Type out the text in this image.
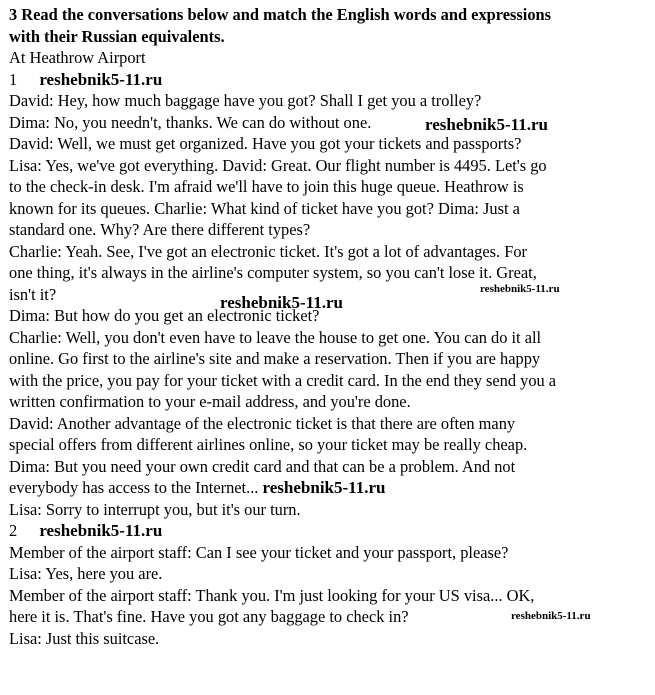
3 Read the conversations below and match the English words and expressions
with their Russian equivalents.
At Heathrow Airport
1 reshebnik5-11.ru
David: Hey, how much baggage have you got? Shall I get you a trolley?
Dima: No, you needn't, thanks. We can do without one.	reshebnik5-11.ru
David: Well, we must get organized. Have you got your tickets and passports?
Lisa: Yes, we've got everything. David: Great. Our flight number is 4495. Let's go
to the check-in desk. I'm afraid we'll have to join this huge queue. Heathrow is
known for its queues. Charlie: What kind of ticket have you got? Dima: Just a
standard one. Why? Are there different types?
Charlie: Yeah. See, I've got an electronic ticket. It's got a lot of advantages. For
one thing, it's always in the airline's computer system, so you can't lose it. Great,
isn't it?	reshebnik5-11.ru
reshebnik5-11.ru
Dima: But how do you get an electronic ticket?
Charlie: Well, you don't even have to leave the house to get one. You can do it all
online. Go first to the airline's site and make a reservation. Then if you are happy
with the price, you pay for your ticket with a credit card. In the end they send you a
written confirmation to your e-mail address, and you're done.
David: Another advantage of the electronic ticket is that there are often many
special offers from different airlines online, so your ticket may be really cheap.
Dima: But you need your own credit card and that can be a problem. And not
everybody has access to the Internet... reshebnik5-11.ru
Lisa: Sorry to interrupt you, but it's our turn.
2 reshebnik5-11.ru
Member of the airport staff: Can I see your ticket and your passport, please?
Lisa: Yes, here you are.
Member of the airport staff: Thank you. I'm just looking for your US visa... OK,
here it is. That's fine. Have you got any baggage to check in?	reshebnik5-11.ru
Lisa: Just this suitcase.
